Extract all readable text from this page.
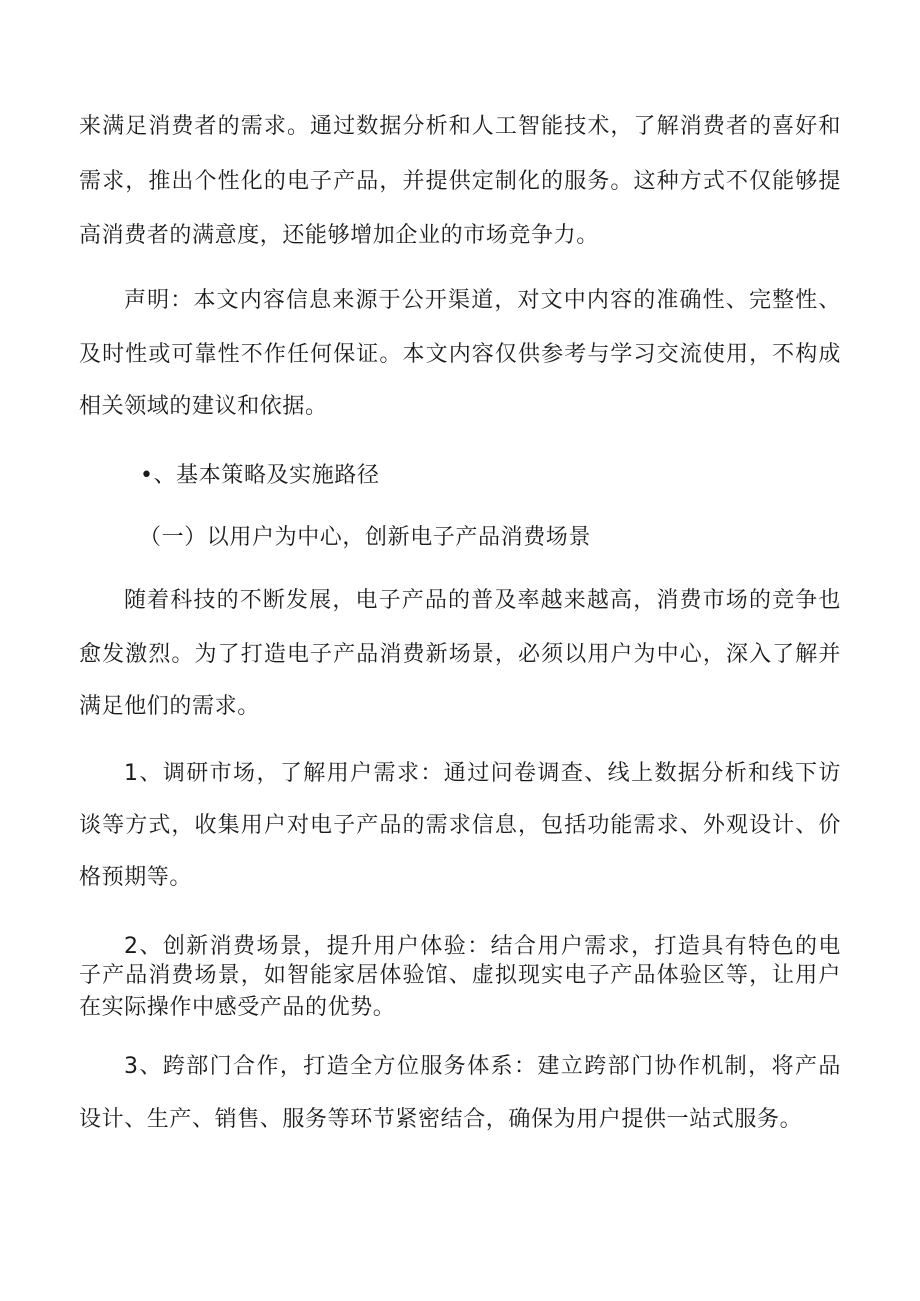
来满足消费者的需求。通过数据分析和人工智能技术，了解消费者的喜好和
需求，推出个性化的电子产品，并提供定制化的服务。这种方式不仅能够提
高消费者的满意度，还能够增加企业的市场竞争力。
声明：本文内容信息来源于公开渠道，对文中内容的准确性、完整性、
及时性或可靠性不作任何保证。本文内容仅供参考与学习交流使用，不构成
相关领域的建议和依据。
•、基本策略及实施路径
（一）以用户为中心，创新电子产品消费场景
随着科技的不断发展，电子产品的普及率越来越高，消费市场的竞争也
愈发激烈。为了打造电子产品消费新场景，必须以用户为中心，深入了解并
满足他们的需求。
1、调研市场，了解用户需求：通过问卷调查、线上数据分析和线下访
谈等方式，收集用户对电子产品的需求信息，包括功能需求、外观设计、价
格预期等。
2、创新消费场景，提升用户体验：结合用户需求，打造具有特色的电
子产品消费场景，如智能家居体验馆、虚拟现实电子产品体验区等，让用户
在实际操作中感受产品的优势。
3、跨部门合作，打造全方位服务体系：建立跨部门协作机制，将产品
设计、生产、销售、服务等环节紧密结合，确保为用户提供一站式服务。
